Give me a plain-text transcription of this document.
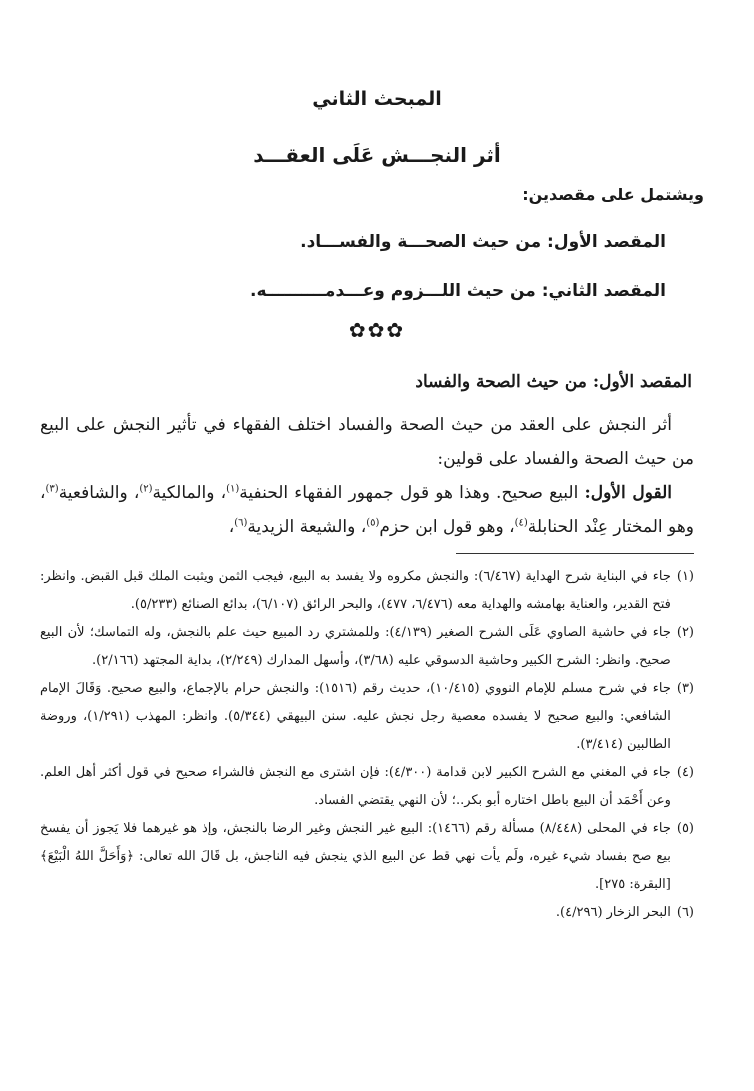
المبحث الثاني
أثر النجـــش عَلَى العقـــد
ويشتمل على مقصدين:
المقصد الأول: من حيث الصحـــة والفســـاد.
المقصد الثاني: من حيث اللـــزوم وعـــدمــــــــــه.
✿✿✿
المقصد الأول: من حيث الصحة والفساد

أثر النجش على العقد من حيث الصحة والفساد اختلف الفقهاء في تأثير النجش على البيع من حيث الصحة والفساد على قولين:

القول الأول: البيع صحيح. وهذا هو قول جمهور الفقهاء الحنفية$^{(١)}$، والمالكية$^{(٢)}$، والشافعية$^{(٣)}$، وهو المختار عِنْد الحنابلة$^{(٤)}$، وهو قول ابن حزم$^{(٥)}$، والشيعة الزيدية$^{(٦)}$،

(١)
جاء في البناية شرح الهداية (٦/٤٦٧): والنجش مكروه ولا يفسد به البيع، فيجب الثمن ويثبت الملك قبل القبض. وانظر: فتح القدير، والعناية بهامشه والهداية معه (٦/٤٧٦، ٤٧٧)، والبحر الرائق (٦/١٠٧)، بدائع الصنائع (٥/٢٣٣).
(٢)
جاء في حاشية الصاوي عَلَى الشرح الصغير (٤/١٣٩): وللمشتري رد المبيع حيث علم بالنجش، وله التماسك؛ لأن البيع صحيح. وانظر: الشرح الكبير وحاشية الدسوقي عليه (٣/٦٨)، وأسهل المدارك (٢/٢٤٩)، بداية المجتهد (٢/١٦٦).
(٣)
جاء في شرح مسلم للإمام النووي (١٠/٤١٥)، حديث رقم (١٥١٦): والنجش حرام بالإجماع، والبيع صحيح. وَقَالَ الإمام الشافعي: والبيع صحيح لا يفسده معصية رجل نجش عليه. سنن البيهقي (٥/٣٤٤). وانظر: المهذب (١/٢٩١)، وروضة الطالبين (٣/٤١٤).
(٤)
جاء في المغني مع الشرح الكبير لابن قدامة (٤/٣٠٠): فإن اشترى مع النجش فالشراء صحيح في قول أكثر أهل العلم. وعن أَحْمَد أن البيع باطل اختاره أبو بكر..؛ لأن النهي يقتضي الفساد.
(٥)
جاء في المحلى (٨/٤٤٨) مسألة رقم (١٤٦٦): البيع غير النجش وغير الرضا بالنجش، وإذ هو غيرهما فلا يَجوز أن يفسخ بيع صح بفساد شيء غيره، ولَم يأت نهي قط عن البيع الذي ينجش فيه الناجش، بل قَالَ الله تعالى: ﴿وَأَحَلَّ اللهُ الْبَيْعَ﴾ [البقرة: ٢٧٥].
(٦)
البحر الزخار (٤/٢٩٦).
